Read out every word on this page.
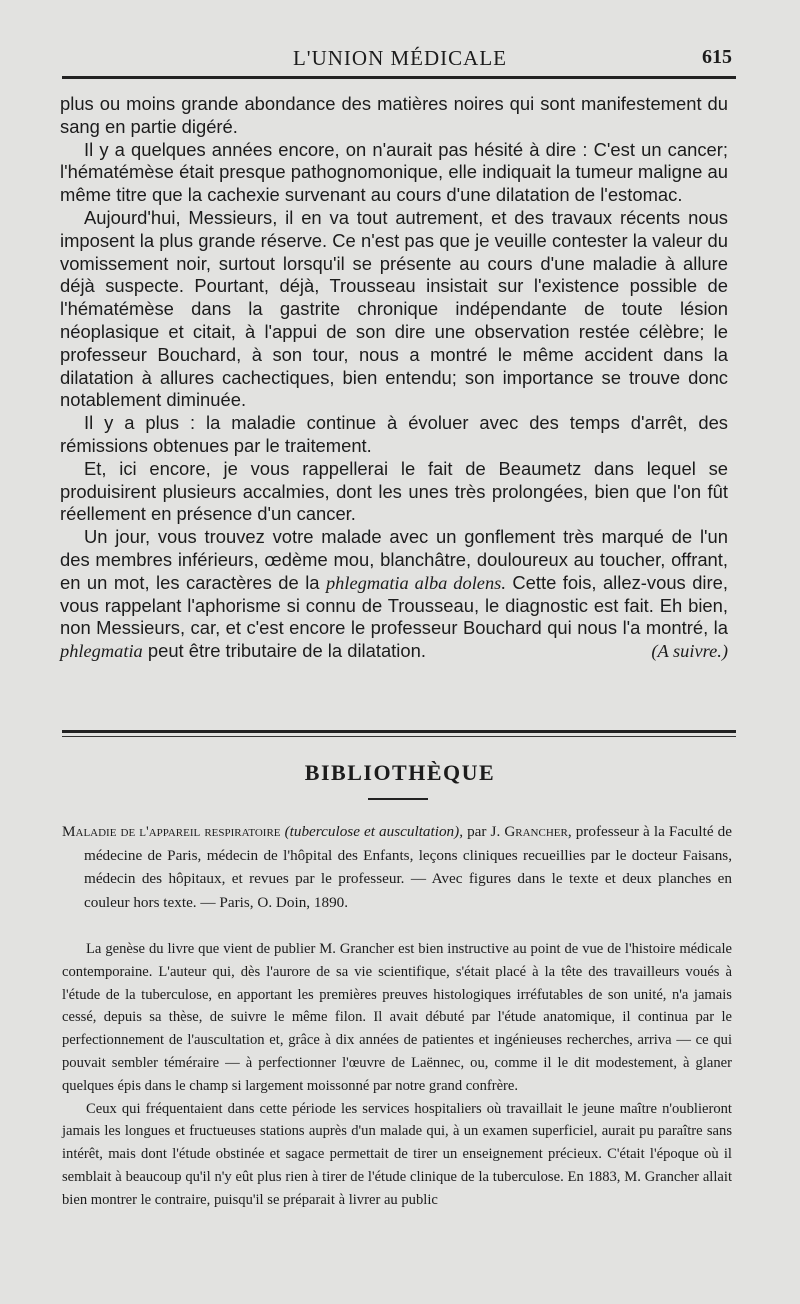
L'UNION MÉDICALE	615

plus ou moins grande abondance des matières noires qui sont manifestement du sang en partie digéré.

Il y a quelques années encore, on n'aurait pas hésité à dire : C'est un cancer; l'hématémèse était presque pathognomonique, elle indiquait la tumeur maligne au même titre que la cachexie survenant au cours d'une dilatation de l'estomac.

Aujourd'hui, Messieurs, il en va tout autrement, et des travaux récents nous imposent la plus grande réserve. Ce n'est pas que je veuille contester la valeur du vomissement noir, surtout lorsqu'il se présente au cours d'une maladie à allure déjà suspecte. Pourtant, déjà, Trousseau insistait sur l'existence possible de l'hématémèse dans la gastrite chronique indépendante de toute lésion néoplasique et citait, à l'appui de son dire une observation restée célèbre; le professeur Bouchard, à son tour, nous a montré le même accident dans la dilatation à allures cachectiques, bien entendu; son importance se trouve donc notablement diminuée.

Il y a plus : la maladie continue à évoluer avec des temps d'arrêt, des rémissions obtenues par le traitement.

Et, ici encore, je vous rappellerai le fait de Beaumetz dans lequel se produisirent plusieurs accalmies, dont les unes très prolongées, bien que l'on fût réellement en présence d'un cancer.

Un jour, vous trouvez votre malade avec un gonflement très marqué de l'un des membres inférieurs, œdème mou, blanchâtre, douloureux au toucher, offrant, en un mot, les caractères de la phlegmatia alba dolens. Cette fois, allez-vous dire, vous rappelant l'aphorisme si connu de Trousseau, le diagnostic est fait. Eh bien, non Messieurs, car, et c'est encore le professeur Bouchard qui nous l'a montré, la phlegmatia peut être tributaire de la dilatation.	(A suivre.)

BIBLIOTHÈQUE
Maladie de l'appareil respiratoire (tuberculose et auscultation), par J. Grancher, professeur à la Faculté de médecine de Paris, médecin de l'hôpital des Enfants, leçons cliniques recueillies par le docteur Faisans, médecin des hôpitaux, et revues par le professeur. — Avec figures dans le texte et deux planches en couleur hors texte. — Paris, O. Doin, 1890.

La genèse du livre que vient de publier M. Grancher est bien instructive au point de vue de l'histoire médicale contemporaine. L'auteur qui, dès l'aurore de sa vie scientifique, s'était placé à la tête des travailleurs voués à l'étude de la tuberculose, en apportant les premières preuves histologiques irréfutables de son unité, n'a jamais cessé, depuis sa thèse, de suivre le même filon. Il avait débuté par l'étude anatomique, il continua par le perfectionnement de l'auscultation et, grâce à dix années de patientes et ingénieuses recherches, arriva — ce qui pouvait sembler téméraire — à perfectionner l'œuvre de Laënnec, ou, comme il le dit modestement, à glaner quelques épis dans le champ si largement moissonné par notre grand confrère.

Ceux qui fréquentaient dans cette période les services hospitaliers où travaillait le jeune maître n'oublieront jamais les longues et fructueuses stations auprès d'un malade qui, à un examen superficiel, aurait pu paraître sans intérêt, mais dont l'étude obstinée et sagace permettait de tirer un enseignement précieux. C'était l'époque où il semblait à beaucoup qu'il n'y eût plus rien à tirer de l'étude clinique de la tuberculose. En 1883, M. Grancher allait bien montrer le contraire, puisqu'il se préparait à livrer au public
